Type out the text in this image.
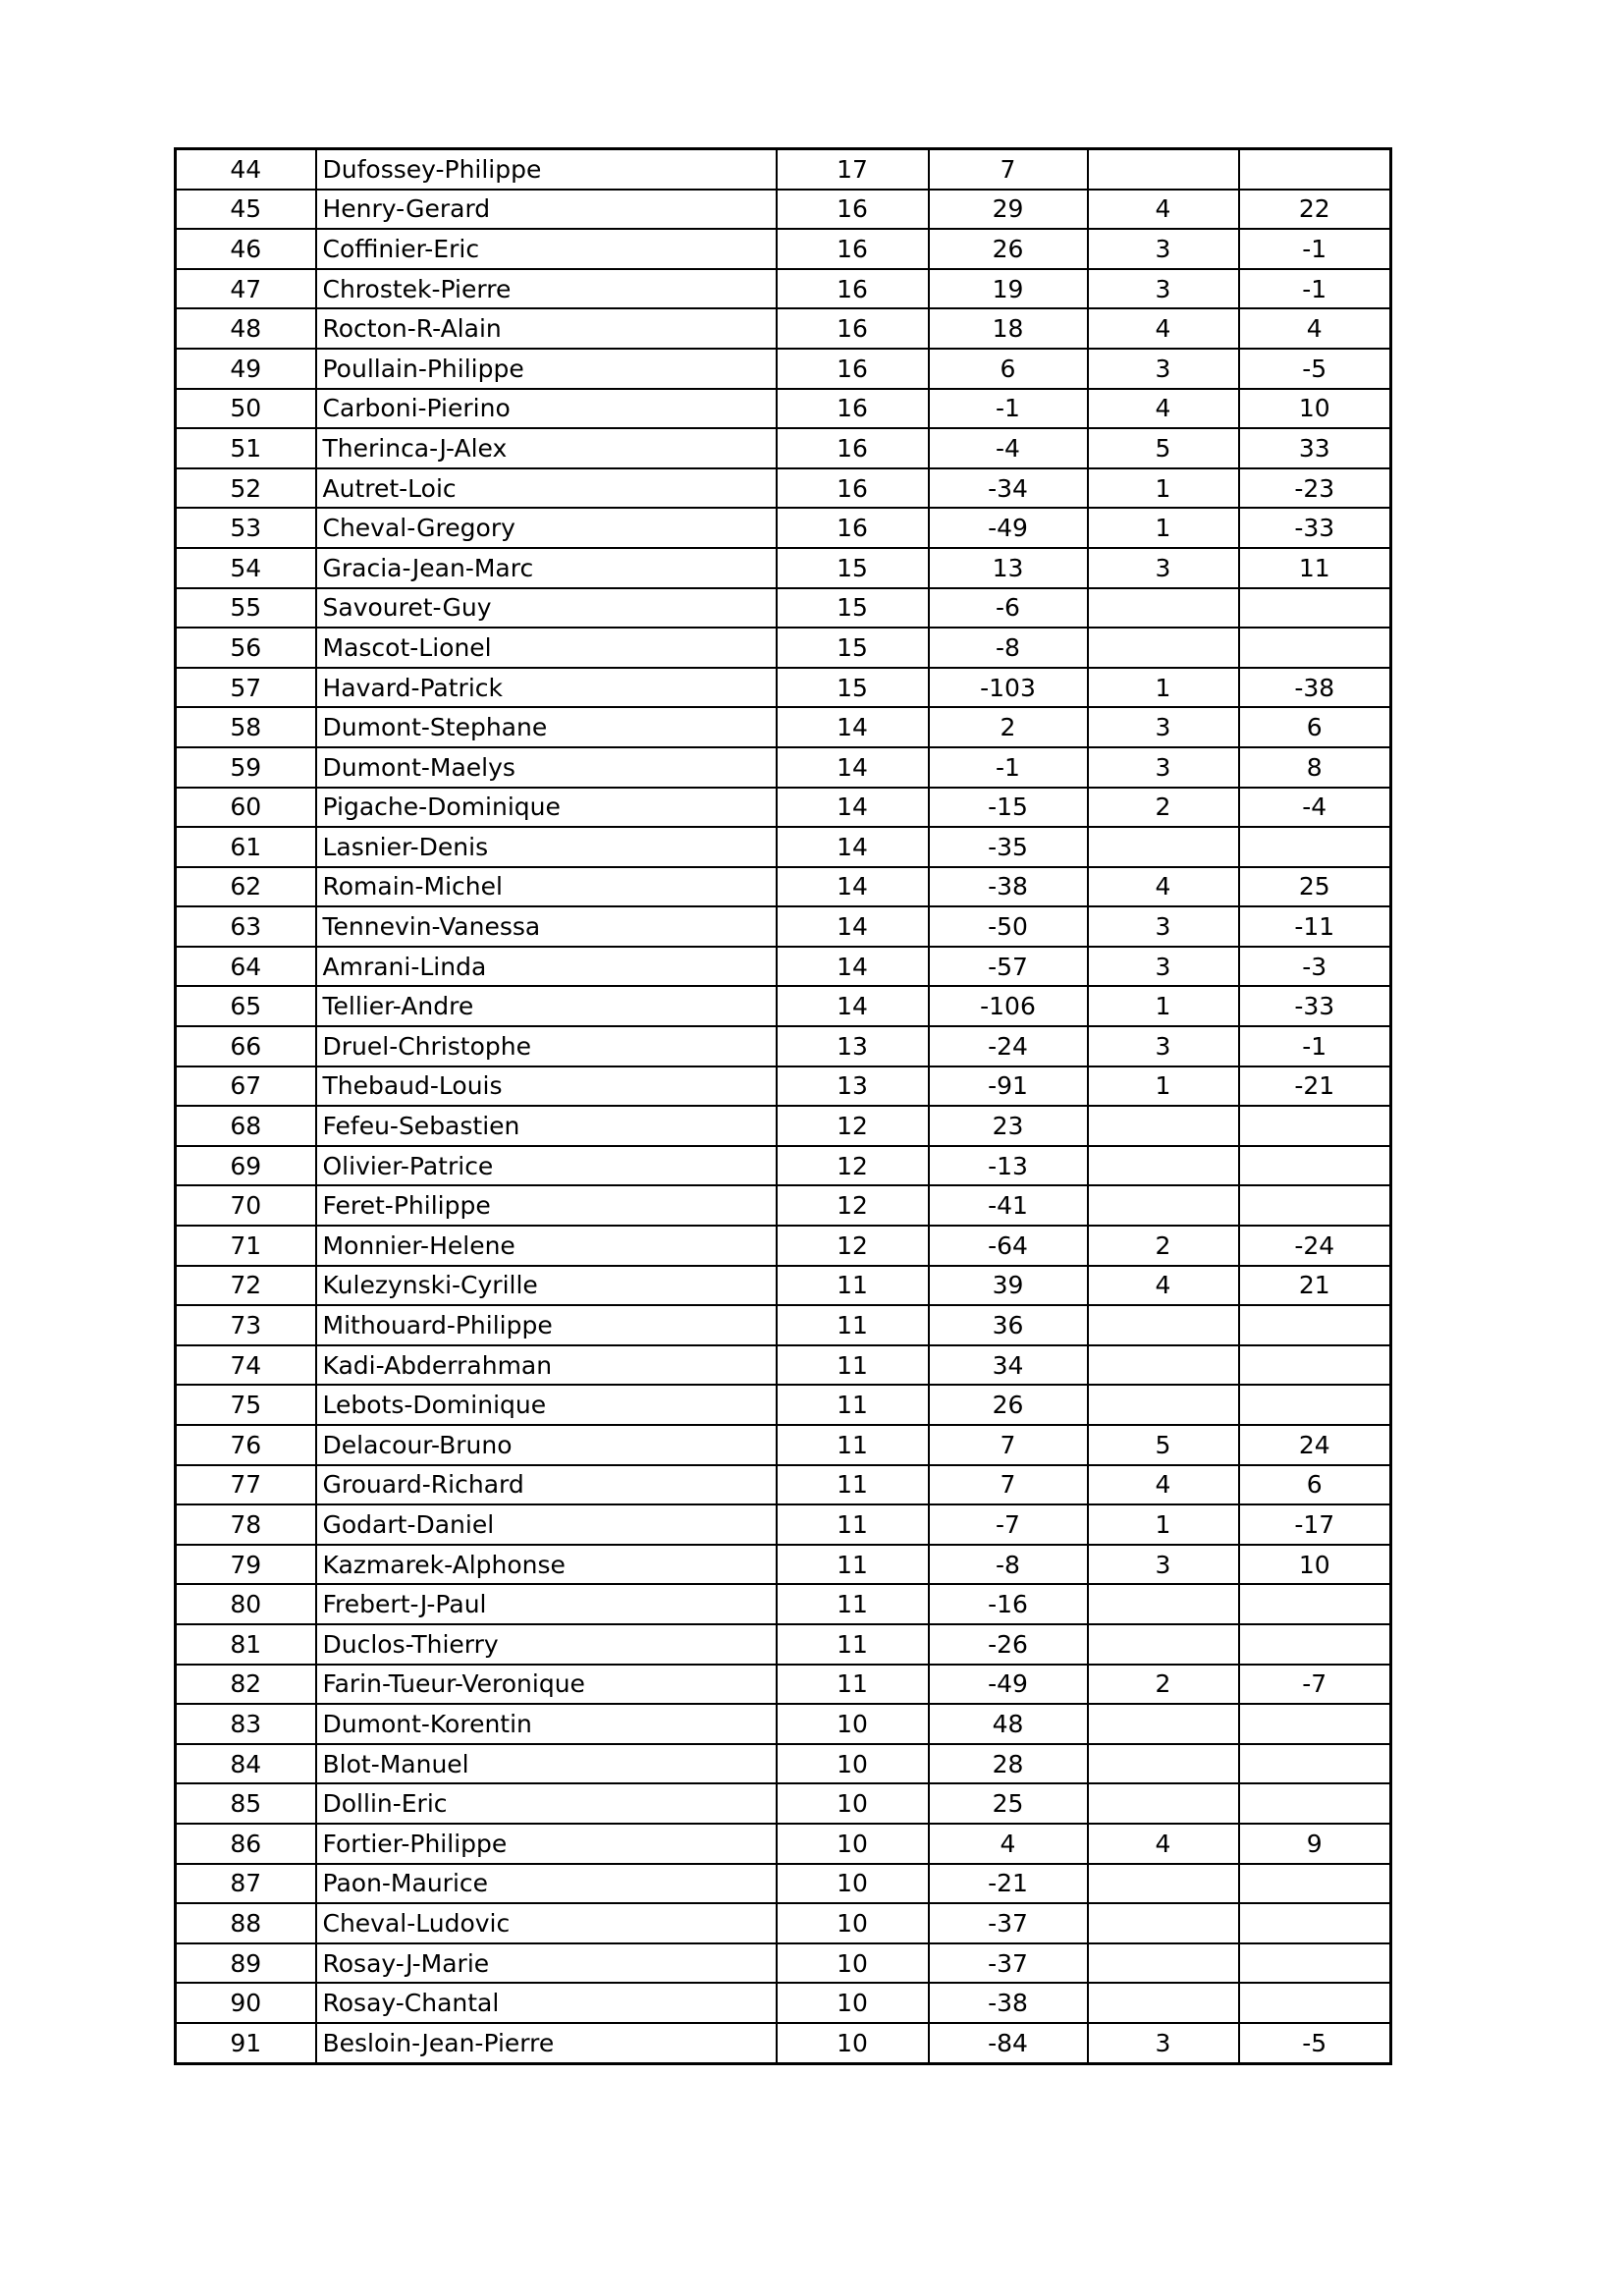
44	Dufossey-Philippe	17	7		
45	Henry-Gerard	16	29	4	22
46	Coffinier-Eric	16	26	3	-1
47	Chrostek-Pierre	16	19	3	-1
48	Rocton-R-Alain	16	18	4	4
49	Poullain-Philippe	16	6	3	-5
50	Carboni-Pierino	16	-1	4	10
51	Therinca-J-Alex	16	-4	5	33
52	Autret-Loic	16	-34	1	-23
53	Cheval-Gregory	16	-49	1	-33
54	Gracia-Jean-Marc	15	13	3	11
55	Savouret-Guy	15	-6		
56	Mascot-Lionel	15	-8		
57	Havard-Patrick	15	-103	1	-38
58	Dumont-Stephane	14	2	3	6
59	Dumont-Maelys	14	-1	3	8
60	Pigache-Dominique	14	-15	2	-4
61	Lasnier-Denis	14	-35		
62	Romain-Michel	14	-38	4	25
63	Tennevin-Vanessa	14	-50	3	-11
64	Amrani-Linda	14	-57	3	-3
65	Tellier-Andre	14	-106	1	-33
66	Druel-Christophe	13	-24	3	-1
67	Thebaud-Louis	13	-91	1	-21
68	Fefeu-Sebastien	12	23		
69	Olivier-Patrice	12	-13		
70	Feret-Philippe	12	-41		
71	Monnier-Helene	12	-64	2	-24
72	Kulezynski-Cyrille	11	39	4	21
73	Mithouard-Philippe	11	36		
74	Kadi-Abderrahman	11	34		
75	Lebots-Dominique	11	26		
76	Delacour-Bruno	11	7	5	24
77	Grouard-Richard	11	7	4	6
78	Godart-Daniel	11	-7	1	-17
79	Kazmarek-Alphonse	11	-8	3	10
80	Frebert-J-Paul	11	-16		
81	Duclos-Thierry	11	-26		
82	Farin-Tueur-Veronique	11	-49	2	-7
83	Dumont-Korentin	10	48		
84	Blot-Manuel	10	28		
85	Dollin-Eric	10	25		
86	Fortier-Philippe	10	4	4	9
87	Paon-Maurice	10	-21		
88	Cheval-Ludovic	10	-37		
89	Rosay-J-Marie	10	-37		
90	Rosay-Chantal	10	-38		
91	Besloin-Jean-Pierre	10	-84	3	-5
